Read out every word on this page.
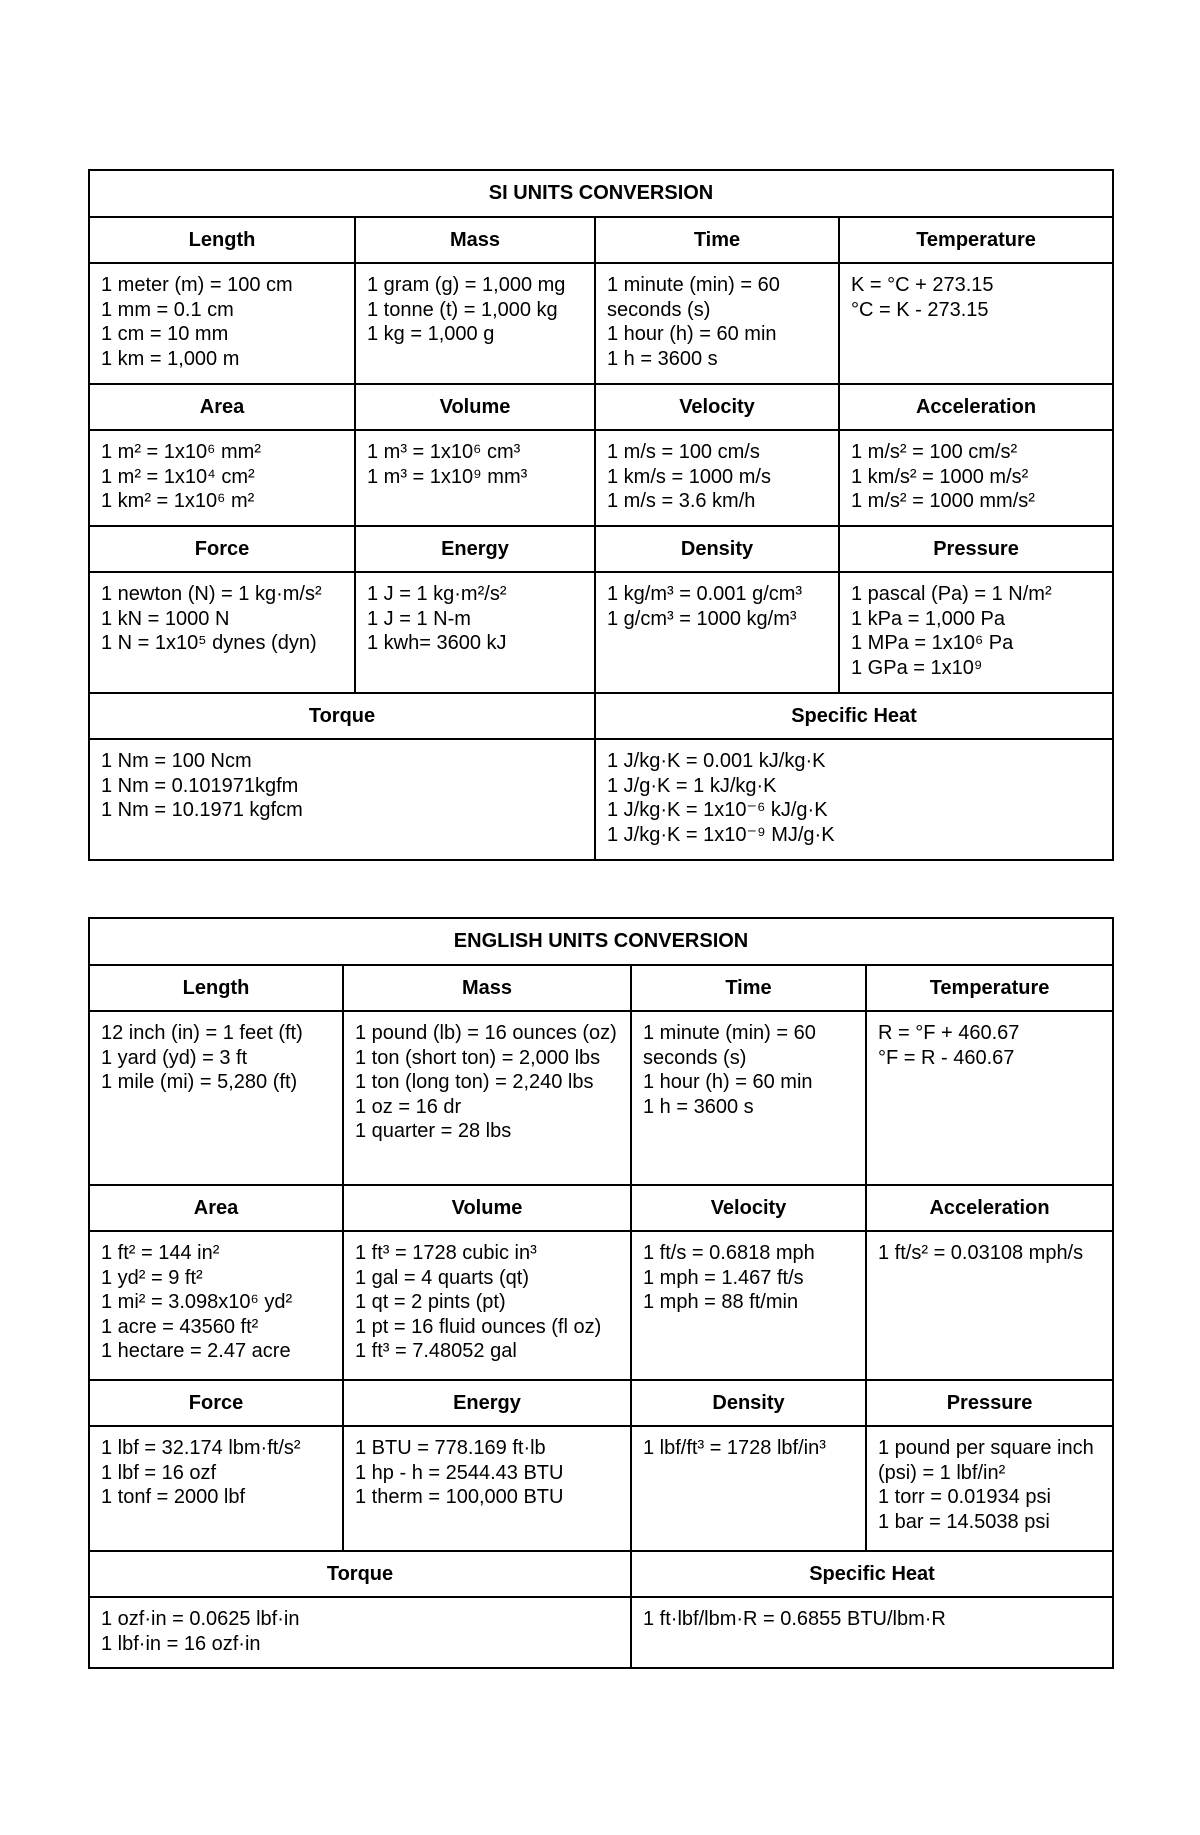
SI UNITS CONVERSION			
Length	Mass	Time	Temperature

1 meter (m) = 100 cm
1 mm = 0.1 cm
1 cm = 10 mm
1 km = 1,000 m	1 gram (g) = 1,000 mg
1 tonne (t) = 1,000 kg
1 kg = 1,000 g	1 minute (min) = 60 seconds (s)
1 hour (h) = 60 min
1 h = 3600 s	K = °C + 273.15
°C = K - 273.15

Area	Volume	Velocity	Acceleration

1 m² = 1x10⁶ mm²
1 m² = 1x10⁴ cm²
1 km² = 1x10⁶ m²	1 m³ = 1x10⁶ cm³
1 m³ = 1x10⁹ mm³	1 m/s = 100 cm/s
1 km/s = 1000 m/s
1 m/s = 3.6 km/h	1 m/s² = 100 cm/s²
1 km/s² = 1000 m/s²
1 m/s² = 1000 mm/s²

Force	Energy	Density	Pressure

1 newton (N) = 1 kg·m/s²
1 kN = 1000 N
1 N = 1x10⁵ dynes (dyn)	1 J = 1 kg·m²/s²
1 J = 1 N-m
1 kwh= 3600 kJ	1 kg/m³ = 0.001 g/cm³
1 g/cm³ = 1000 kg/m³	1 pascal (Pa) = 1 N/m²
1 kPa = 1,000 Pa
1 MPa = 1x10⁶ Pa
1 GPa = 1x10⁹

Torque		Specific Heat	

1 Nm = 100 Ncm
1 Nm = 0.101971kgfm
1 Nm = 10.1971 kgfcm		1 J/kg·K = 0.001 kJ/kg·K
1 J/g·K = 1 kJ/kg·K
1 J/kg·K = 1x10⁻⁶ kJ/g·K
1 J/kg·K = 1x10⁻⁹ MJ/g·K	
ENGLISH UNITS CONVERSION			
Length	Mass	Time	Temperature

12 inch (in) = 1 feet (ft)
1 yard (yd) = 3 ft
1 mile (mi) = 5,280 (ft)	1 pound (lb) = 16 ounces (oz)
1 ton (short ton) = 2,000 lbs
1 ton (long ton) = 2,240 lbs
1 oz = 16 dr
1 quarter = 28 lbs	1 minute (min) = 60 seconds (s)
1 hour (h) = 60 min
1 h = 3600 s	R = °F + 460.67
°F = R - 460.67

Area	Volume	Velocity	Acceleration

1 ft² = 144 in²
1 yd² = 9 ft²
1 mi² = 3.098x10⁶ yd²
1 acre = 43560 ft²
1 hectare = 2.47 acre	1 ft³ = 1728 cubic in³
1 gal = 4 quarts (qt)
1 qt = 2 pints (pt)
1 pt = 16 fluid ounces (fl oz)
1 ft³ = 7.48052 gal	1 ft/s = 0.6818 mph
1 mph = 1.467 ft/s
1 mph = 88 ft/min	1 ft/s² = 0.03108 mph/s

Force	Energy	Density	Pressure

1 lbf = 32.174 lbm·ft/s²
1 lbf = 16 ozf
1 tonf = 2000 lbf	1 BTU = 778.169 ft·lb
1 hp - h = 2544.43 BTU
1 therm = 100,000 BTU	1 lbf/ft³ = 1728 lbf/in³	1 pound per square inch (psi) = 1 lbf/in²
1 torr = 0.01934 psi
1 bar = 14.5038 psi

Torque		Specific Heat	

1 ozf·in = 0.0625 lbf·in
1 lbf·in = 16 ozf·in		1 ft·lbf/lbm·R = 0.6855 BTU/lbm·R	
